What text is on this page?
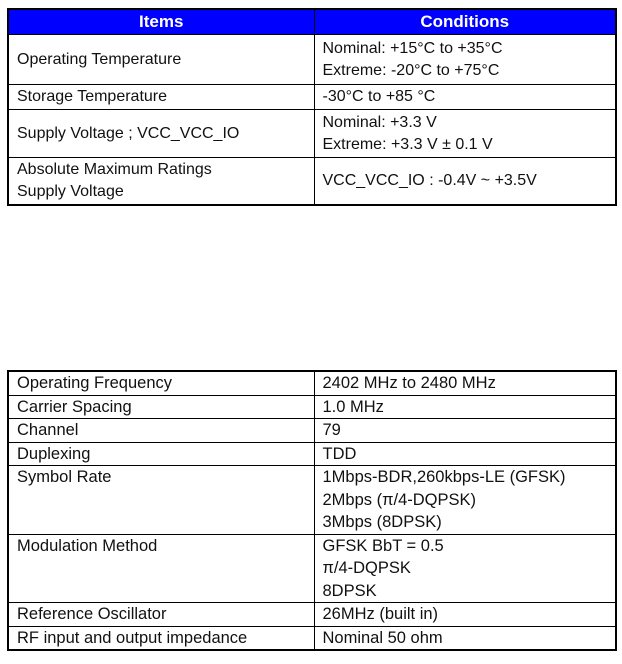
Items	Conditions

Operating Temperature	Nominal: +15°C to +35°C
Extreme: -20°C to +75°C

Storage Temperature	-30°C to +85 °C

Supply Voltage ; VCC_VCC_IO	Nominal: +3.3 V
Extreme: +3.3 V ± 0.1 V

Absolute Maximum Ratings
Supply Voltage	VCC_VCC_IO : -0.4V ~ +3.5V
Operating Frequency	2402 MHz to 2480 MHz

Carrier Spacing	1.0 MHz

Channel	79

Duplexing	TDD

Symbol Rate	1Mbps-BDR,260kbps-LE (GFSK)
2Mbps (π/4-DQPSK)
3Mbps (8DPSK)

Modulation Method	GFSK BbT = 0.5
π/4-DQPSK
8DPSK

Reference Oscillator	26MHz (built in)

RF input and output impedance	Nominal 50 ohm
